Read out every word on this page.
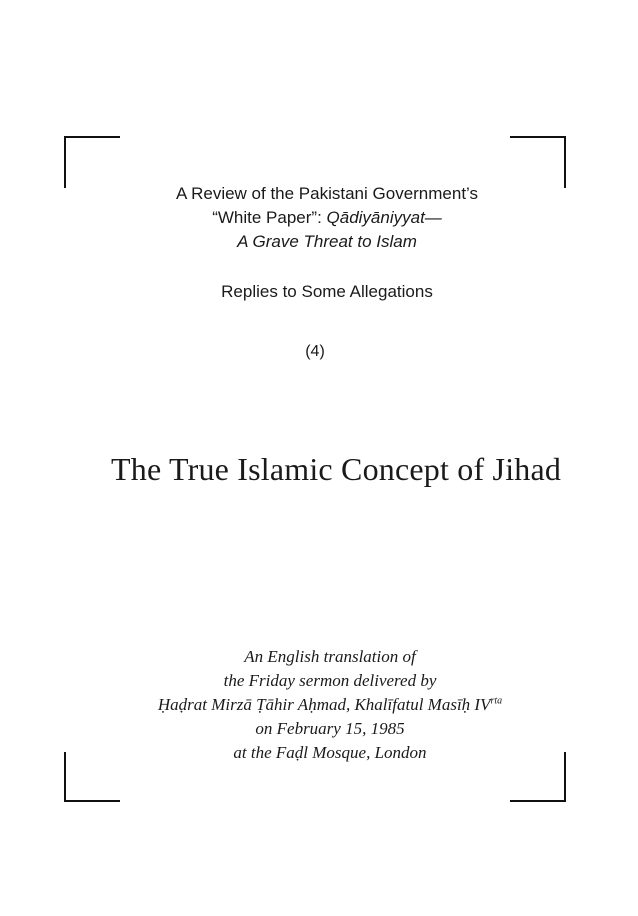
A Review of the Pakistani Government’s
“White Paper”: Qādiyāniyyat—
A Grave Threat to Islam
Replies to Some Allegations
(4)
The True Islamic Concept of Jihad
An English translation of
the Friday sermon delivered by
Ḥaḍrat Mirzā Ṭāhir Aḥmad, Khalīfatul Masīḥ $IV^{rta}$
on February 15, 1985
at the Faḍl Mosque, London
